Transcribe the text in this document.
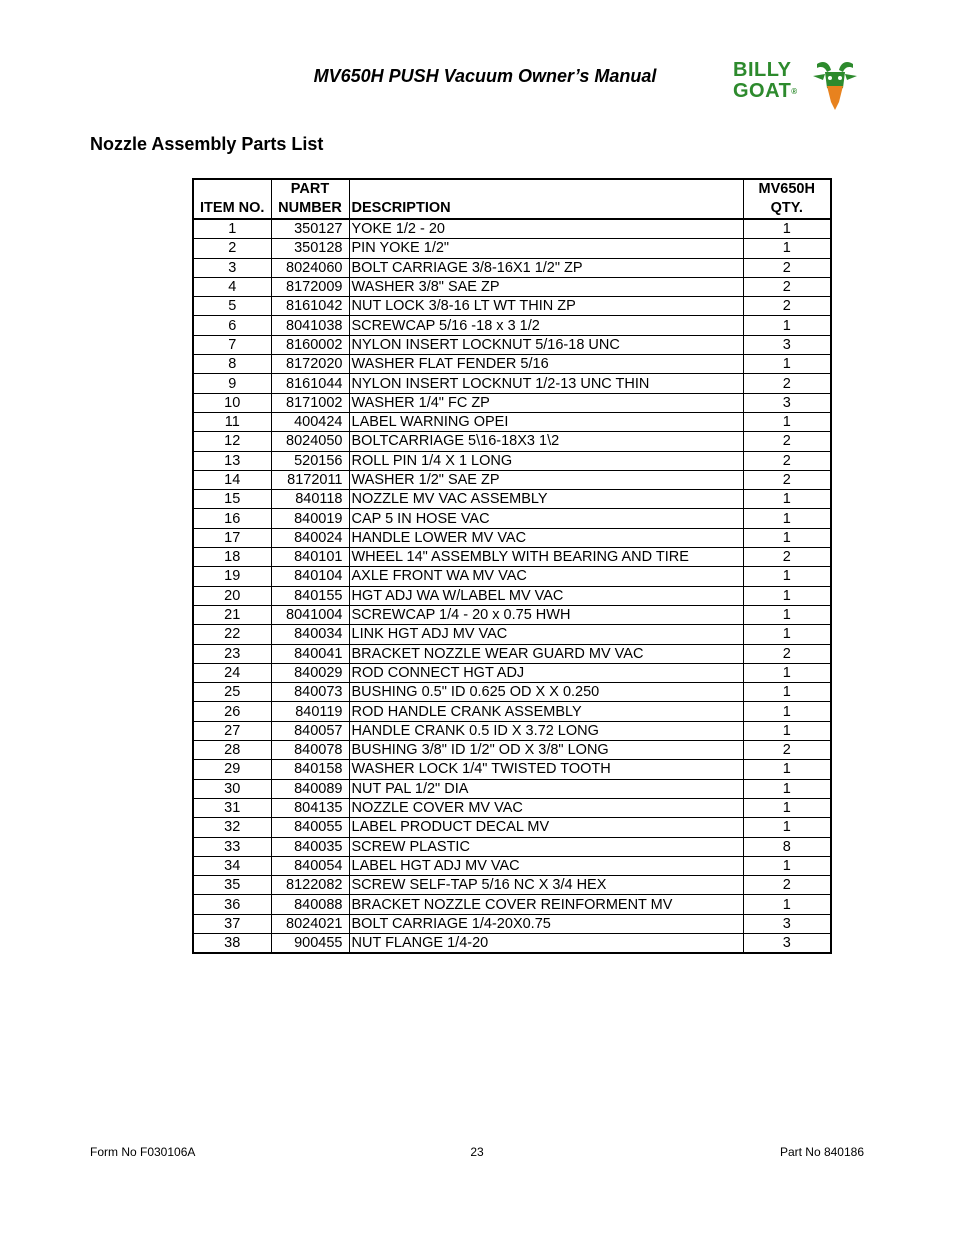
MV650H PUSH Vacuum Owner’s Manual	BILLY
GOAT®
Nozzle Assembly Parts List
	PART		MV650H
ITEM NO.	NUMBER	DESCRIPTION	QTY.
1	350127	YOKE 1/2 - 20	1
2	350128	PIN YOKE 1/2"	1
3	8024060	BOLT CARRIAGE 3/8-16X1 1/2" ZP	2
4	8172009	WASHER 3/8" SAE ZP	2
5	8161042	NUT LOCK 3/8-16 LT WT THIN ZP	2
6	8041038	SCREWCAP 5/16 -18 x 3 1/2	1
7	8160002	NYLON INSERT LOCKNUT 5/16-18 UNC	3
8	8172020	WASHER FLAT FENDER 5/16	1
9	8161044	NYLON INSERT LOCKNUT 1/2-13 UNC THIN	2
10	8171002	WASHER 1/4" FC ZP	3
11	400424	LABEL WARNING OPEI	1
12	8024050	BOLTCARRIAGE 5\16-18X3 1\2	2
13	520156	ROLL PIN 1/4 X 1 LONG	2
14	8172011	WASHER 1/2" SAE ZP	2
15	840118	NOZZLE MV VAC ASSEMBLY	1
16	840019	CAP 5 IN HOSE VAC	1
17	840024	HANDLE LOWER MV VAC	1
18	840101	WHEEL 14" ASSEMBLY WITH BEARING AND TIRE	2
19	840104	AXLE FRONT WA MV VAC	1
20	840155	HGT ADJ WA W/LABEL MV VAC	1
21	8041004	SCREWCAP 1/4 - 20 x 0.75 HWH	1
22	840034	LINK HGT ADJ MV VAC	1
23	840041	BRACKET NOZZLE WEAR GUARD MV VAC	2
24	840029	ROD CONNECT HGT ADJ	1
25	840073	BUSHING 0.5" ID 0.625 OD X X 0.250	1
26	840119	ROD HANDLE CRANK ASSEMBLY	1
27	840057	HANDLE CRANK 0.5 ID X 3.72 LONG	1
28	840078	BUSHING 3/8" ID 1/2" OD X 3/8" LONG	2
29	840158	WASHER LOCK 1/4" TWISTED TOOTH	1
30	840089	NUT PAL 1/2" DIA	1
31	804135	NOZZLE COVER MV VAC	1
32	840055	LABEL PRODUCT DECAL MV	1
33	840035	SCREW PLASTIC	8
34	840054	LABEL HGT ADJ MV VAC	1
35	8122082	SCREW SELF-TAP 5/16 NC X 3/4 HEX	2
36	840088	BRACKET NOZZLE COVER REINFORMENT MV	1
37	8024021	BOLT CARRIAGE 1/4-20X0.75	3
38	900455	NUT FLANGE 1/4-20	3
Form No F030106A	23	Part No 840186
